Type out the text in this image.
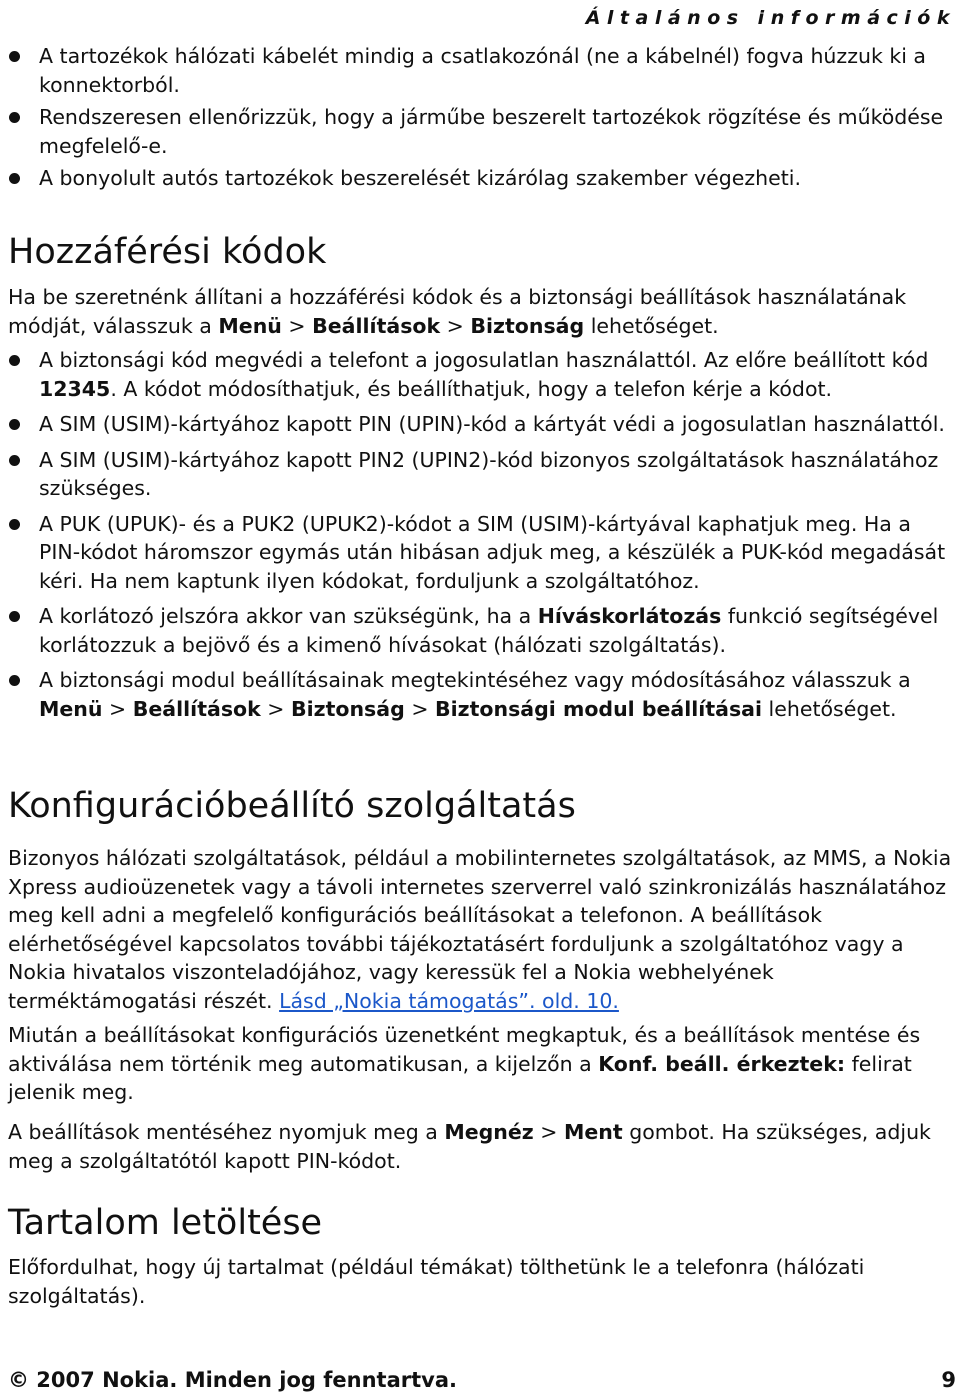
Általános információk
A tartozékok hálózati kábelét mindig a csatlakozónál (ne a kábelnél) fogva húzzuk ki a konnektorból.
Rendszeresen ellenőrizzük, hogy a járműbe beszerelt tartozékok rögzítése és működése megfelelő-e.
A bonyolult autós tartozékok beszerelését kizárólag szakember végezheti.
Hozzáférési kódok

Ha be szeretnénk állítani a hozzáférési kódok és a biztonsági beállítások használatának módját, válasszuk a Menü > Beállítások > Biztonság lehetőséget.

A biztonsági kód megvédi a telefont a jogosulatlan használattól. Az előre beállított kód 12345. A kódot módosíthatjuk, és beállíthatjuk, hogy a telefon kérje a kódot.
A SIM (USIM)-kártyához kapott PIN (UPIN)-kód a kártyát védi a jogosulatlan használattól.
A SIM (USIM)-kártyához kapott PIN2 (UPIN2)-kód bizonyos szolgáltatások használatához szükséges.
A PUK (UPUK)- és a PUK2 (UPUK2)-kódot a SIM (USIM)-kártyával kaphatjuk meg. Ha a PIN-kódot háromszor egymás után hibásan adjuk meg, a készülék a PUK-kód megadását kéri. Ha nem kaptunk ilyen kódokat, forduljunk a szolgáltatóhoz.
A korlátozó jelszóra akkor van szükségünk, ha a Híváskorlátozás funkció segítségével korlátozzuk a bejövő és a kimenő hívásokat (hálózati szolgáltatás).
A biztonsági modul beállításainak megtekintéséhez vagy módosításához válasszuk a Menü > Beállítások > Biztonság > Biztonsági modul beállításai lehetőséget.
Konfigurációbeállító szolgáltatás

Bizonyos hálózati szolgáltatások, például a mobilinternetes szolgáltatások, az MMS, a Nokia Xpress audioüzenetek vagy a távoli internetes szerverrel való szinkronizálás használatához meg kell adni a megfelelő konfigurációs beállításokat a telefonon. A beállítások elérhetőségével kapcsolatos további tájékoztatásért forduljunk a szolgáltatóhoz vagy a Nokia hivatalos viszonteladójához, vagy keressük fel a Nokia webhelyének terméktámogatási részét. Lásd „Nokia támogatás”. old. 10.

Miután a beállításokat konfigurációs üzenetként megkaptuk, és a beállítások mentése és aktiválása nem történik meg automatikusan, a kijelzőn a Konf. beáll. érkeztek: felirat jelenik meg.

A beállítások mentéséhez nyomjuk meg a Megnéz > Ment gombot. Ha szükséges, adjuk meg a szolgáltatótól kapott PIN-kódot.

Tartalom letöltése

Előfordulhat, hogy új tartalmat (például témákat) tölthetünk le a telefonra (hálózati szolgáltatás).

© 2007 Nokia. Minden jog fenntartva.	9
